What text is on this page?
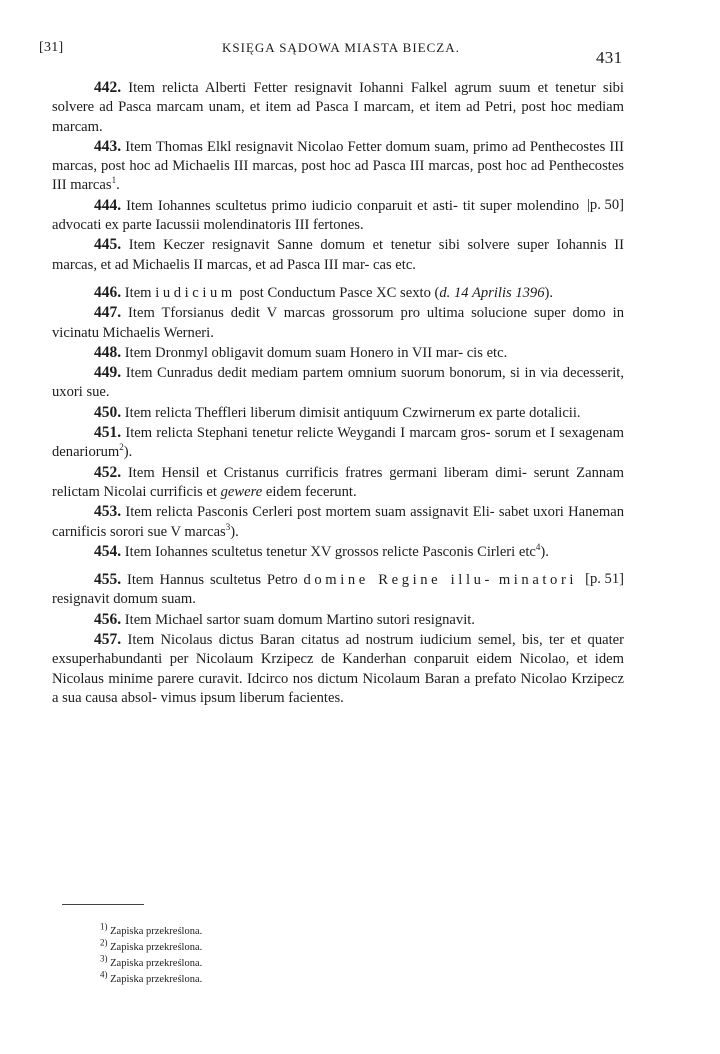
[31]	KSIĘGA SĄDOWA MIASTA BIECZA.
431

442. Item relicta Alberti Fetter resignavit Iohanni Falkel agrum suum et tenetur sibi solvere ad Pasca marcam unam, et item ad Pasca I marcam, et item ad Petri, post hoc mediam marcam.

443. Item Thomas Elkl resignavit Nicolao Fetter domum suam, primo ad Penthecostes III marcas, post hoc ad Michaelis III marcas, post hoc ad Pasca III marcas, post hoc ad Penthecostes III marcas$^1$.

|p. 50]
444. Item Iohannes scultetus primo iudicio conparuit et asti- tit super molendino advocati ex parte Iacussii molendinatoris III fertones.

445. Item Keczer resignavit Sanne domum et tenetur sibi solvere super Iohannis II marcas, et ad Michaelis II marcas, et ad Pasca III mar- cas etc.

446. Item iudicium post Conductum Pasce XC sexto (d. 14 Aprilis 1396).

447. Item Tforsianus dedit V marcas grossorum pro ultima solucione super domo in vicinatu Michaelis Werneri.

448. Item Dronmyl obligavit domum suam Honero in VII mar- cis etc.

449. Item Cunradus dedit mediam partem omnium suorum bonorum, si in via decesserit, uxori sue.

450. Item relicta Theffleri liberum dimisit antiquum Czwirnerum ex parte dotalicii.

451. Item relicta Stephani tenetur relicte Weygandi I marcam gros- sorum et I sexagenam denariorum$^2$).

452. Item Hensil et Cristanus currificis fratres germani liberam dimi- serunt Zannam relictam Nicolai currificis et gewere eidem fecerunt.

453. Item relicta Pasconis Cerleri post mortem suam assignavit Eli- sabet uxori Haneman carnificis sorori sue V marcas$^3$).

454. Item Iohannes scultetus tenetur XV grossos relicte Pasconis Cirleri etc$^4$).

[p. 51]
455. Item Hannus scultetus Petro domine Regine illu- minatori resignavit domum suam.

456. Item Michael sartor suam domum Martino sutori resignavit.

457. Item Nicolaus dictus Baran citatus ad nostrum iudicium semel, bis, ter et quater exsuperhabundanti per Nicolaum Krzipecz de Kanderhan conparuit eidem Nicolao, et idem Nicolaus minime parere curavit. Idcirco nos dictum Nicolaum Baran a prefato Nicolao Krzipecz a sua causa absol- vimus ipsum liberum facientes.

$^{1)}$ Zapiska przekreślona.
$^{2)}$ Zapiska przekreślona.
$^{3)}$ Zapiska przekreślona.
$^{4)}$ Zapiska przekreślona.
